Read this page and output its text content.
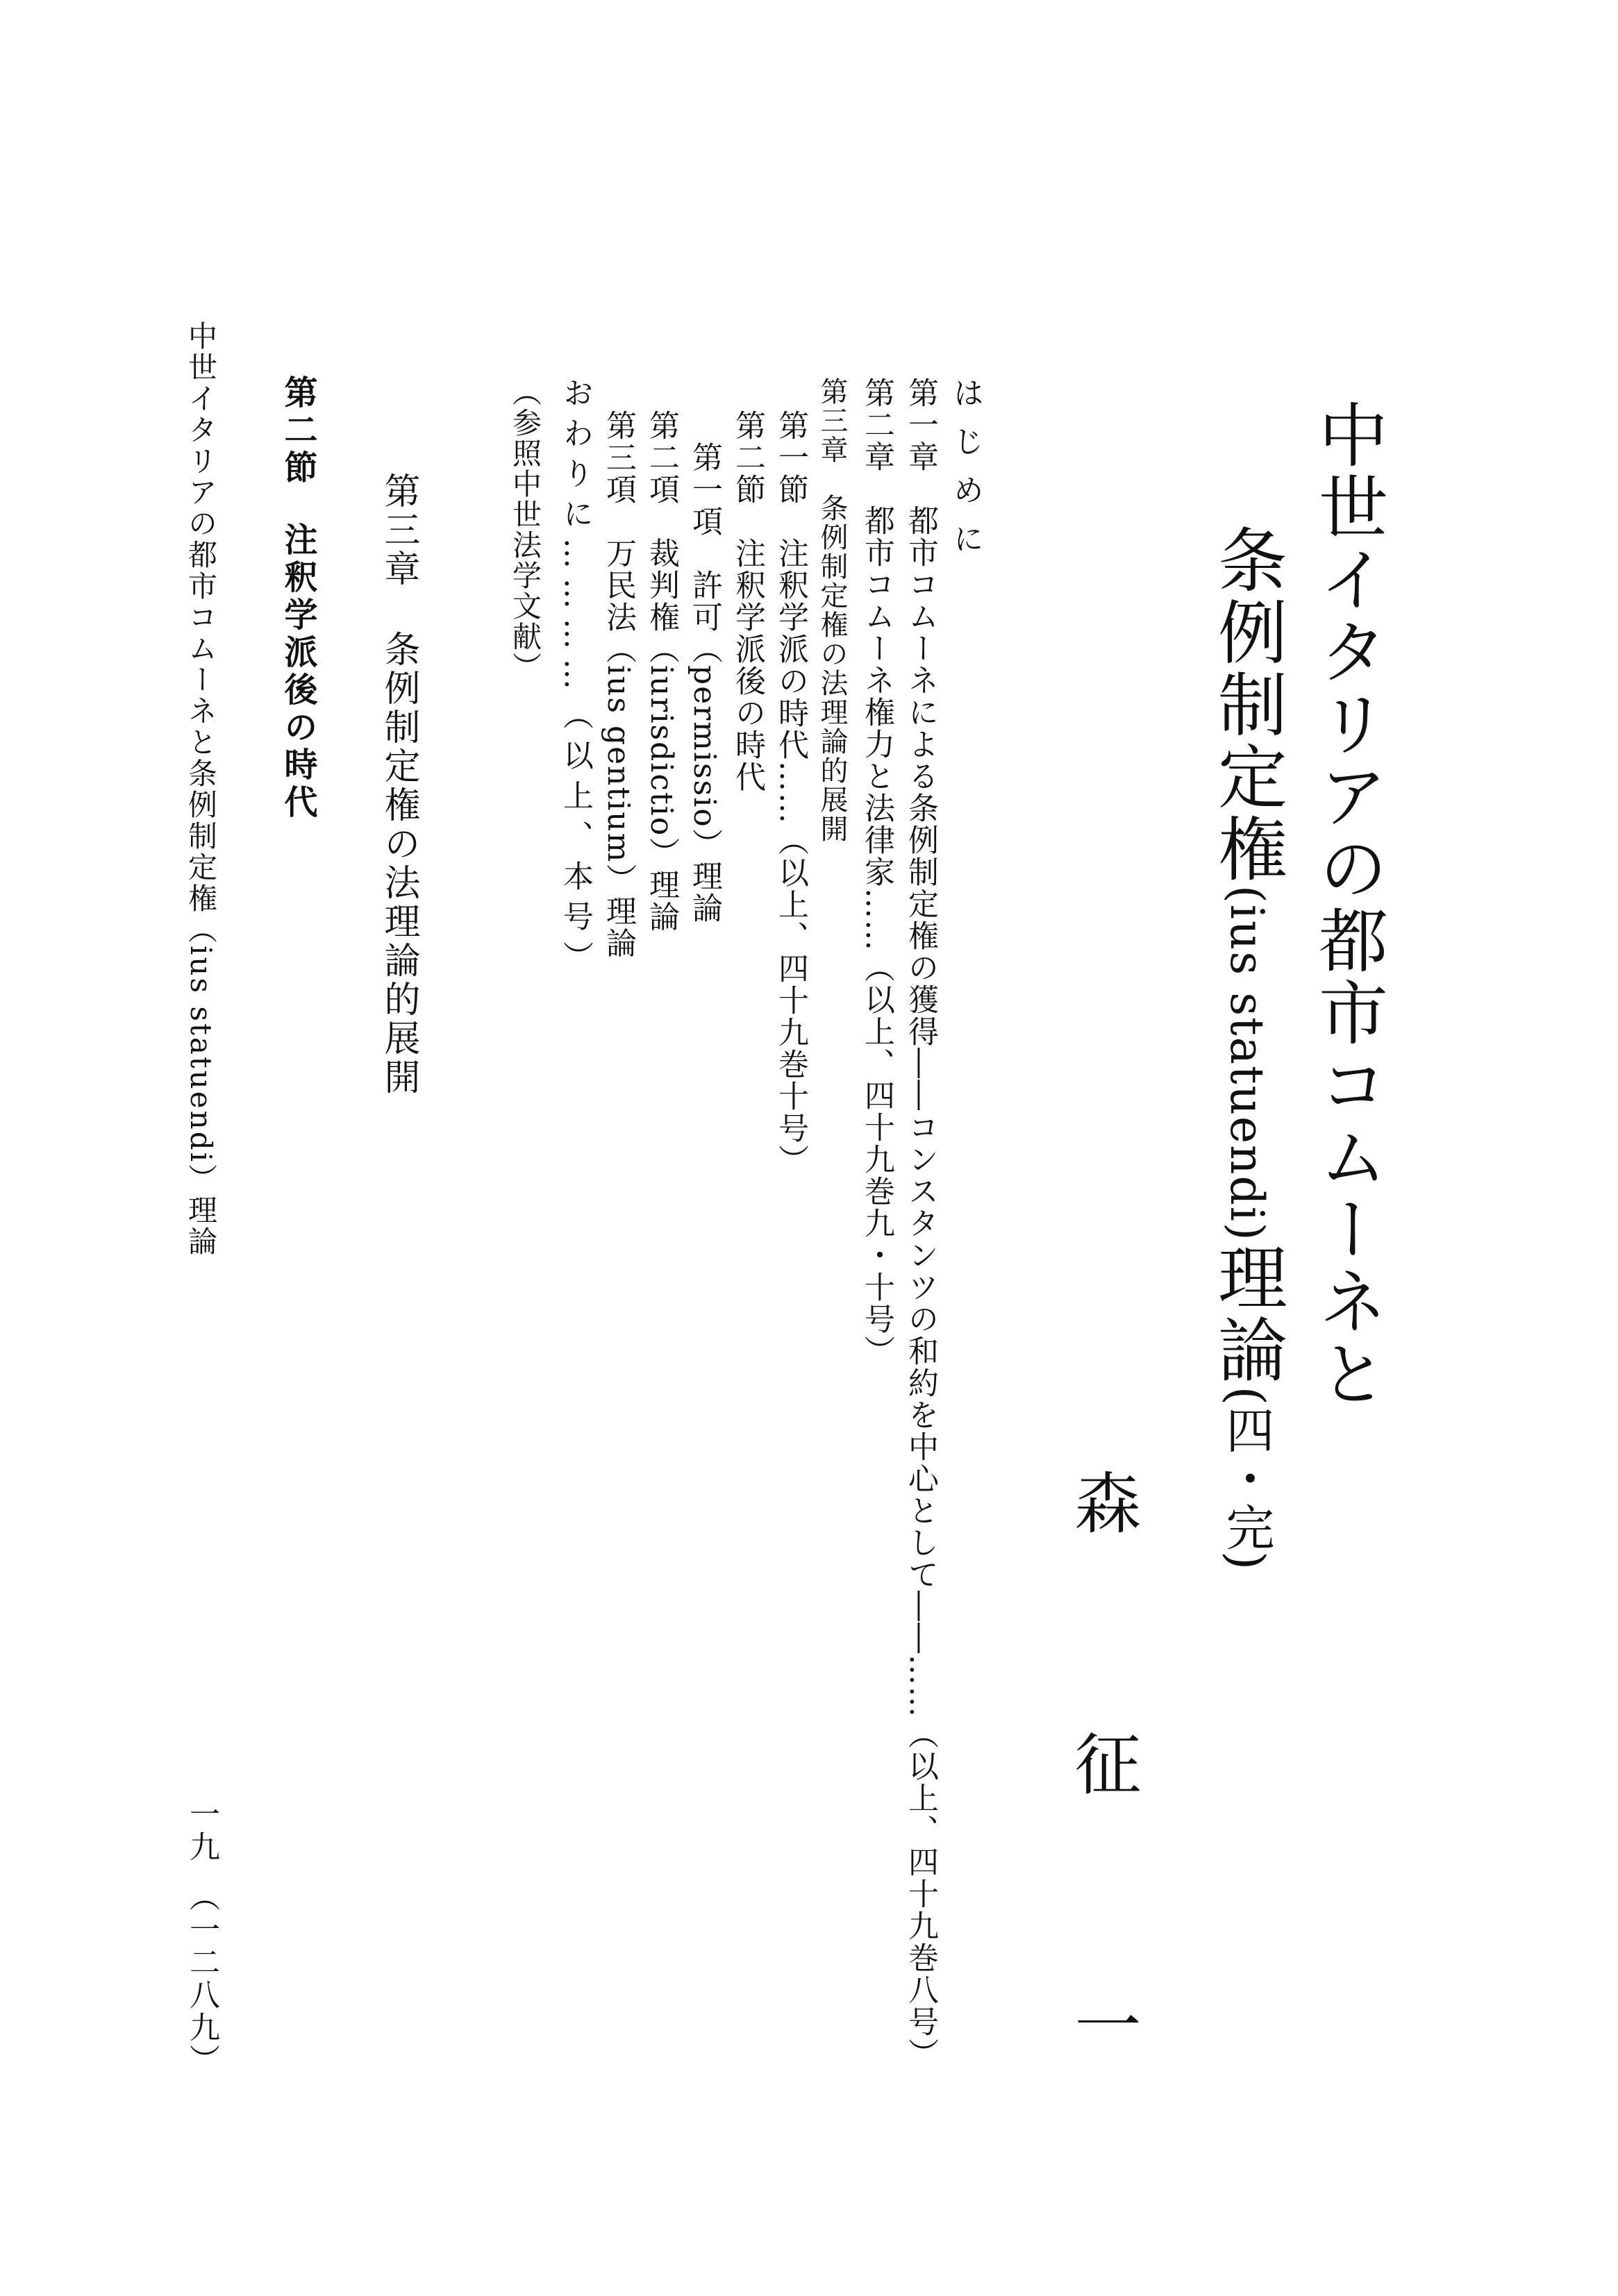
中世イタリアの都市コムーネと
条例制定権(ius statuendi)理論(四・完)
森征一
はじめに
第一章　都市コムーネによる条例制定権の獲得――コンスタンツの和約を中心として――……（以上、四十九巻八号）
第二章　都市コムーネ権力と法律家……（以上、四十九巻九・十号）
第三章　条例制定権の法理論的展開
第一節　注釈学派の時代……（以上、四十九巻十号）
第二節　注釈学派後の時代
第一項　許可（permissio）理論
第二項　裁判権（iurisdictio）理論
第三項　万民法（ius gentium）理論
おわりに…………（以上、本号）
（参照中世法学文献）
第三章条例制定権の法理論的展開
第二節注釈学派後の時代
中世イタリアの都市コムーネと条例制定権（ius statuendi）理論
一九　（一二八九）
